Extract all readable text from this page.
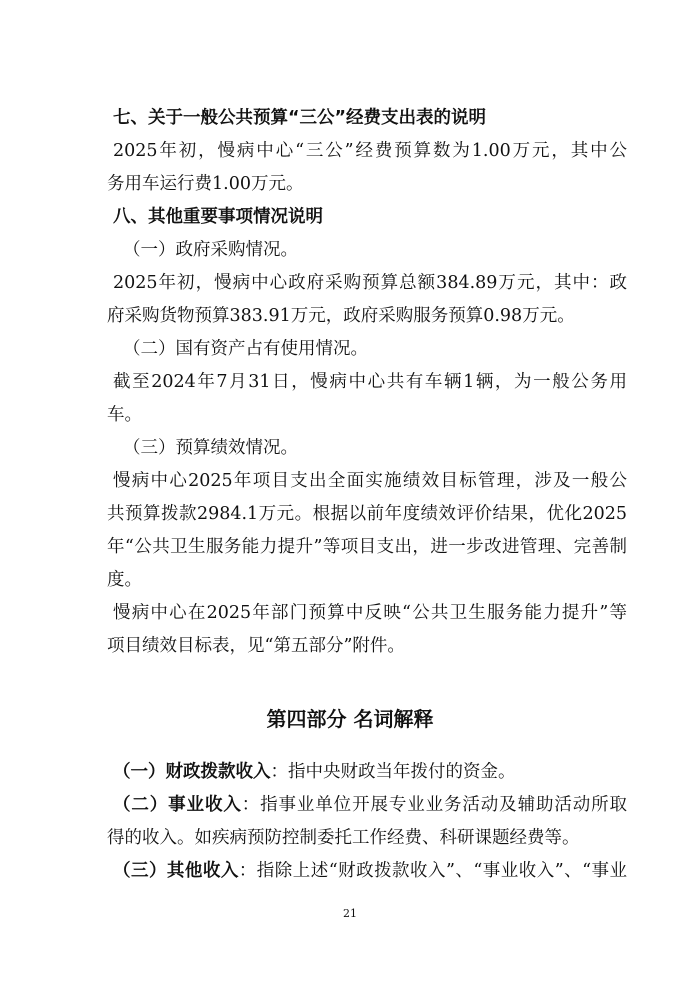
七、关于一般公共预算“三公”经费支出表的说明
2025年初，慢病中心“三公”经费预算数为1.00万元，其中公
务用车运行费1.00万元。
八、其他重要事项情况说明
（一）政府采购情况。
2025年初，慢病中心政府采购预算总额384.89万元，其中：政
府采购货物预算383.91万元，政府采购服务预算0.98万元。
（二）国有资产占有使用情况。
截至2024年7月31日，慢病中心共有车辆1辆，为一般公务用
车。
（三）预算绩效情况。
慢病中心2025年项目支出全面实施绩效目标管理，涉及一般公
共预算拨款2984.1万元。根据以前年度绩效评价结果，优化2025
年“公共卫生服务能力提升”等项目支出，进一步改进管理、完善制
度。
慢病中心在2025年部门预算中反映“公共卫生服务能力提升”等
项目绩效目标表，见“第五部分”附件。
第四部分 名词解释
（一）财政拨款收入：指中央财政当年拨付的资金。
（二）事业收入：指事业单位开展专业业务活动及辅助活动所取
得的收入。如疾病预防控制委托工作经费、科研课题经费等。
（三）其他收入：指除上述“财政拨款收入”、“事业收入”、“事业
21
